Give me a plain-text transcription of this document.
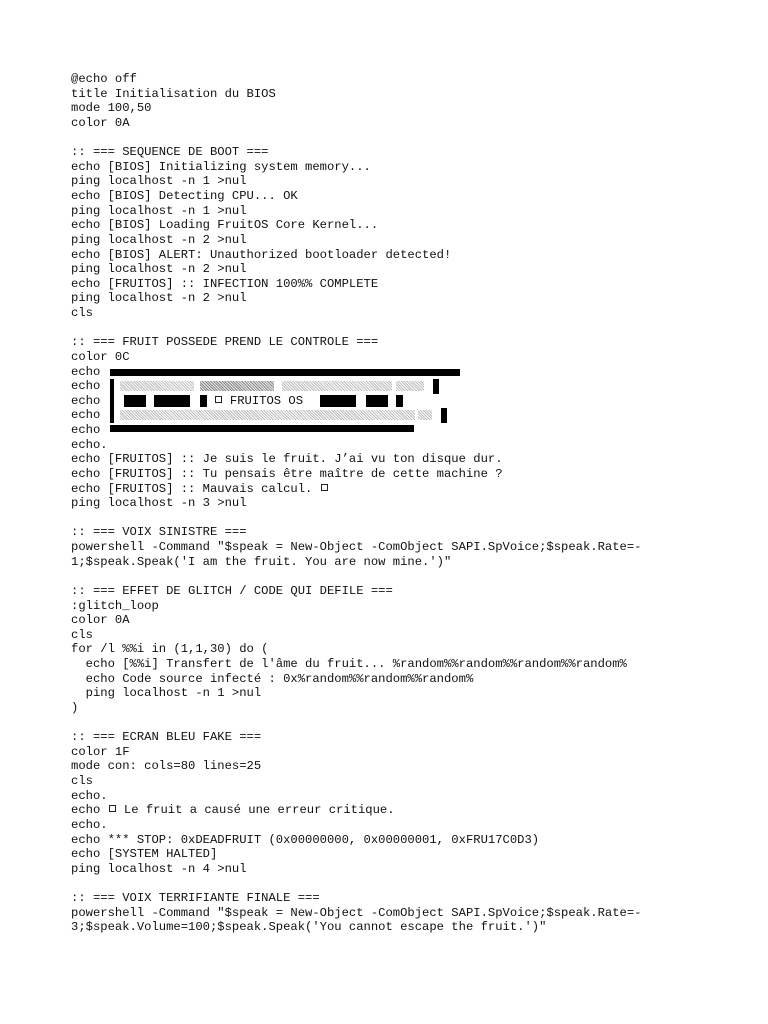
@echo off
title Initialisation du BIOS
mode 100,50
color 0A
:: === SEQUENCE DE BOOT ===
echo [BIOS] Initializing system memory...
ping localhost -n 1 >nul
echo [BIOS] Detecting CPU... OK
ping localhost -n 1 >nul
echo [BIOS] Loading FruitOS Core Kernel...
ping localhost -n 2 >nul
echo [BIOS] ALERT: Unauthorized bootloader detected!
ping localhost -n 2 >nul
echo [FRUITOS] :: INFECTION 100%% COMPLETE
ping localhost -n 2 >nul
cls
:: === FRUIT POSSEDE PREND LE CONTROLE ===
color 0C
echo
echo
echo	FRUITOS OS
echo
echo
echo.
echo [FRUITOS] :: Je suis le fruit. J’ai vu ton disque dur.
echo [FRUITOS] :: Tu pensais être maître de cette machine ?
echo [FRUITOS] :: Mauvais calcul.
ping localhost -n 3 >nul
:: === VOIX SINISTRE ===
powershell -Command "$speak = New-Object -ComObject SAPI.SpVoice;$speak.Rate=-
1;$speak.Speak('I am the fruit. You are now mine.')"
:: === EFFET DE GLITCH / CODE QUI DEFILE ===
:glitch_loop
color 0A
cls
for /l %%i in (1,1,30) do (
echo [%%i] Transfert de l'âme du fruit... %random%%random%%random%%random%
echo Code source infecté : 0x%random%%random%%random%
ping localhost -n 1 >nul
)
:: === ECRAN BLEU FAKE ===
color 1F
mode con: cols=80 lines=25
cls
echo.
echo Le fruit a causé une erreur critique.
echo.
echo *** STOP: 0xDEADFRUIT (0x00000000, 0x00000001, 0xFRU17C0D3)
echo [SYSTEM HALTED]
ping localhost -n 4 >nul
:: === VOIX TERRIFIANTE FINALE ===
powershell -Command "$speak = New-Object -ComObject SAPI.SpVoice;$speak.Rate=-
3;$speak.Volume=100;$speak.Speak('You cannot escape the fruit.')"
